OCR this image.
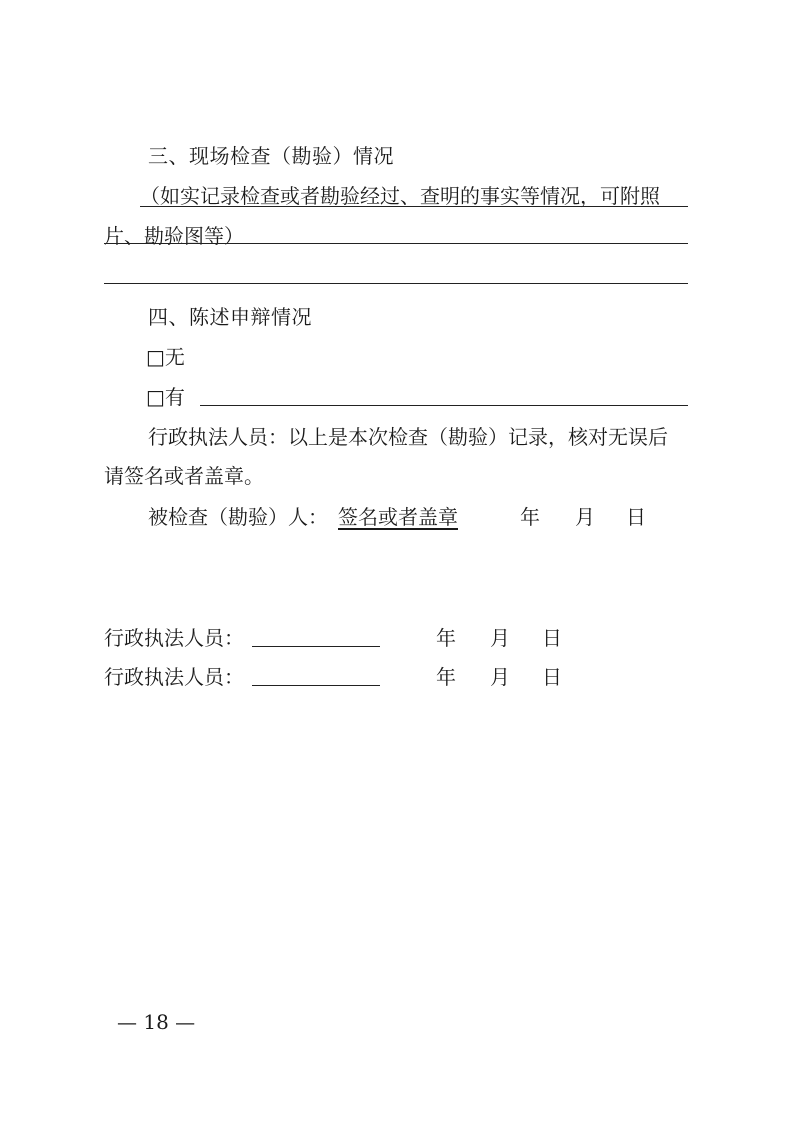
三、现场检查（勘验）情况
（如实记录检查或者勘验经过、查明的事实等情况，可附照
片、勘验图等）
四、陈述申辩情况
□无
□有
行政执法人员：以上是本次检查（勘验）记录，核对无误后
请签名或者盖章。
被检查（勘验）人： 签名或者盖章	年 月 日
行政执法人员：	年 月 日
行政执法人员：	年 月 日
— 18 —
